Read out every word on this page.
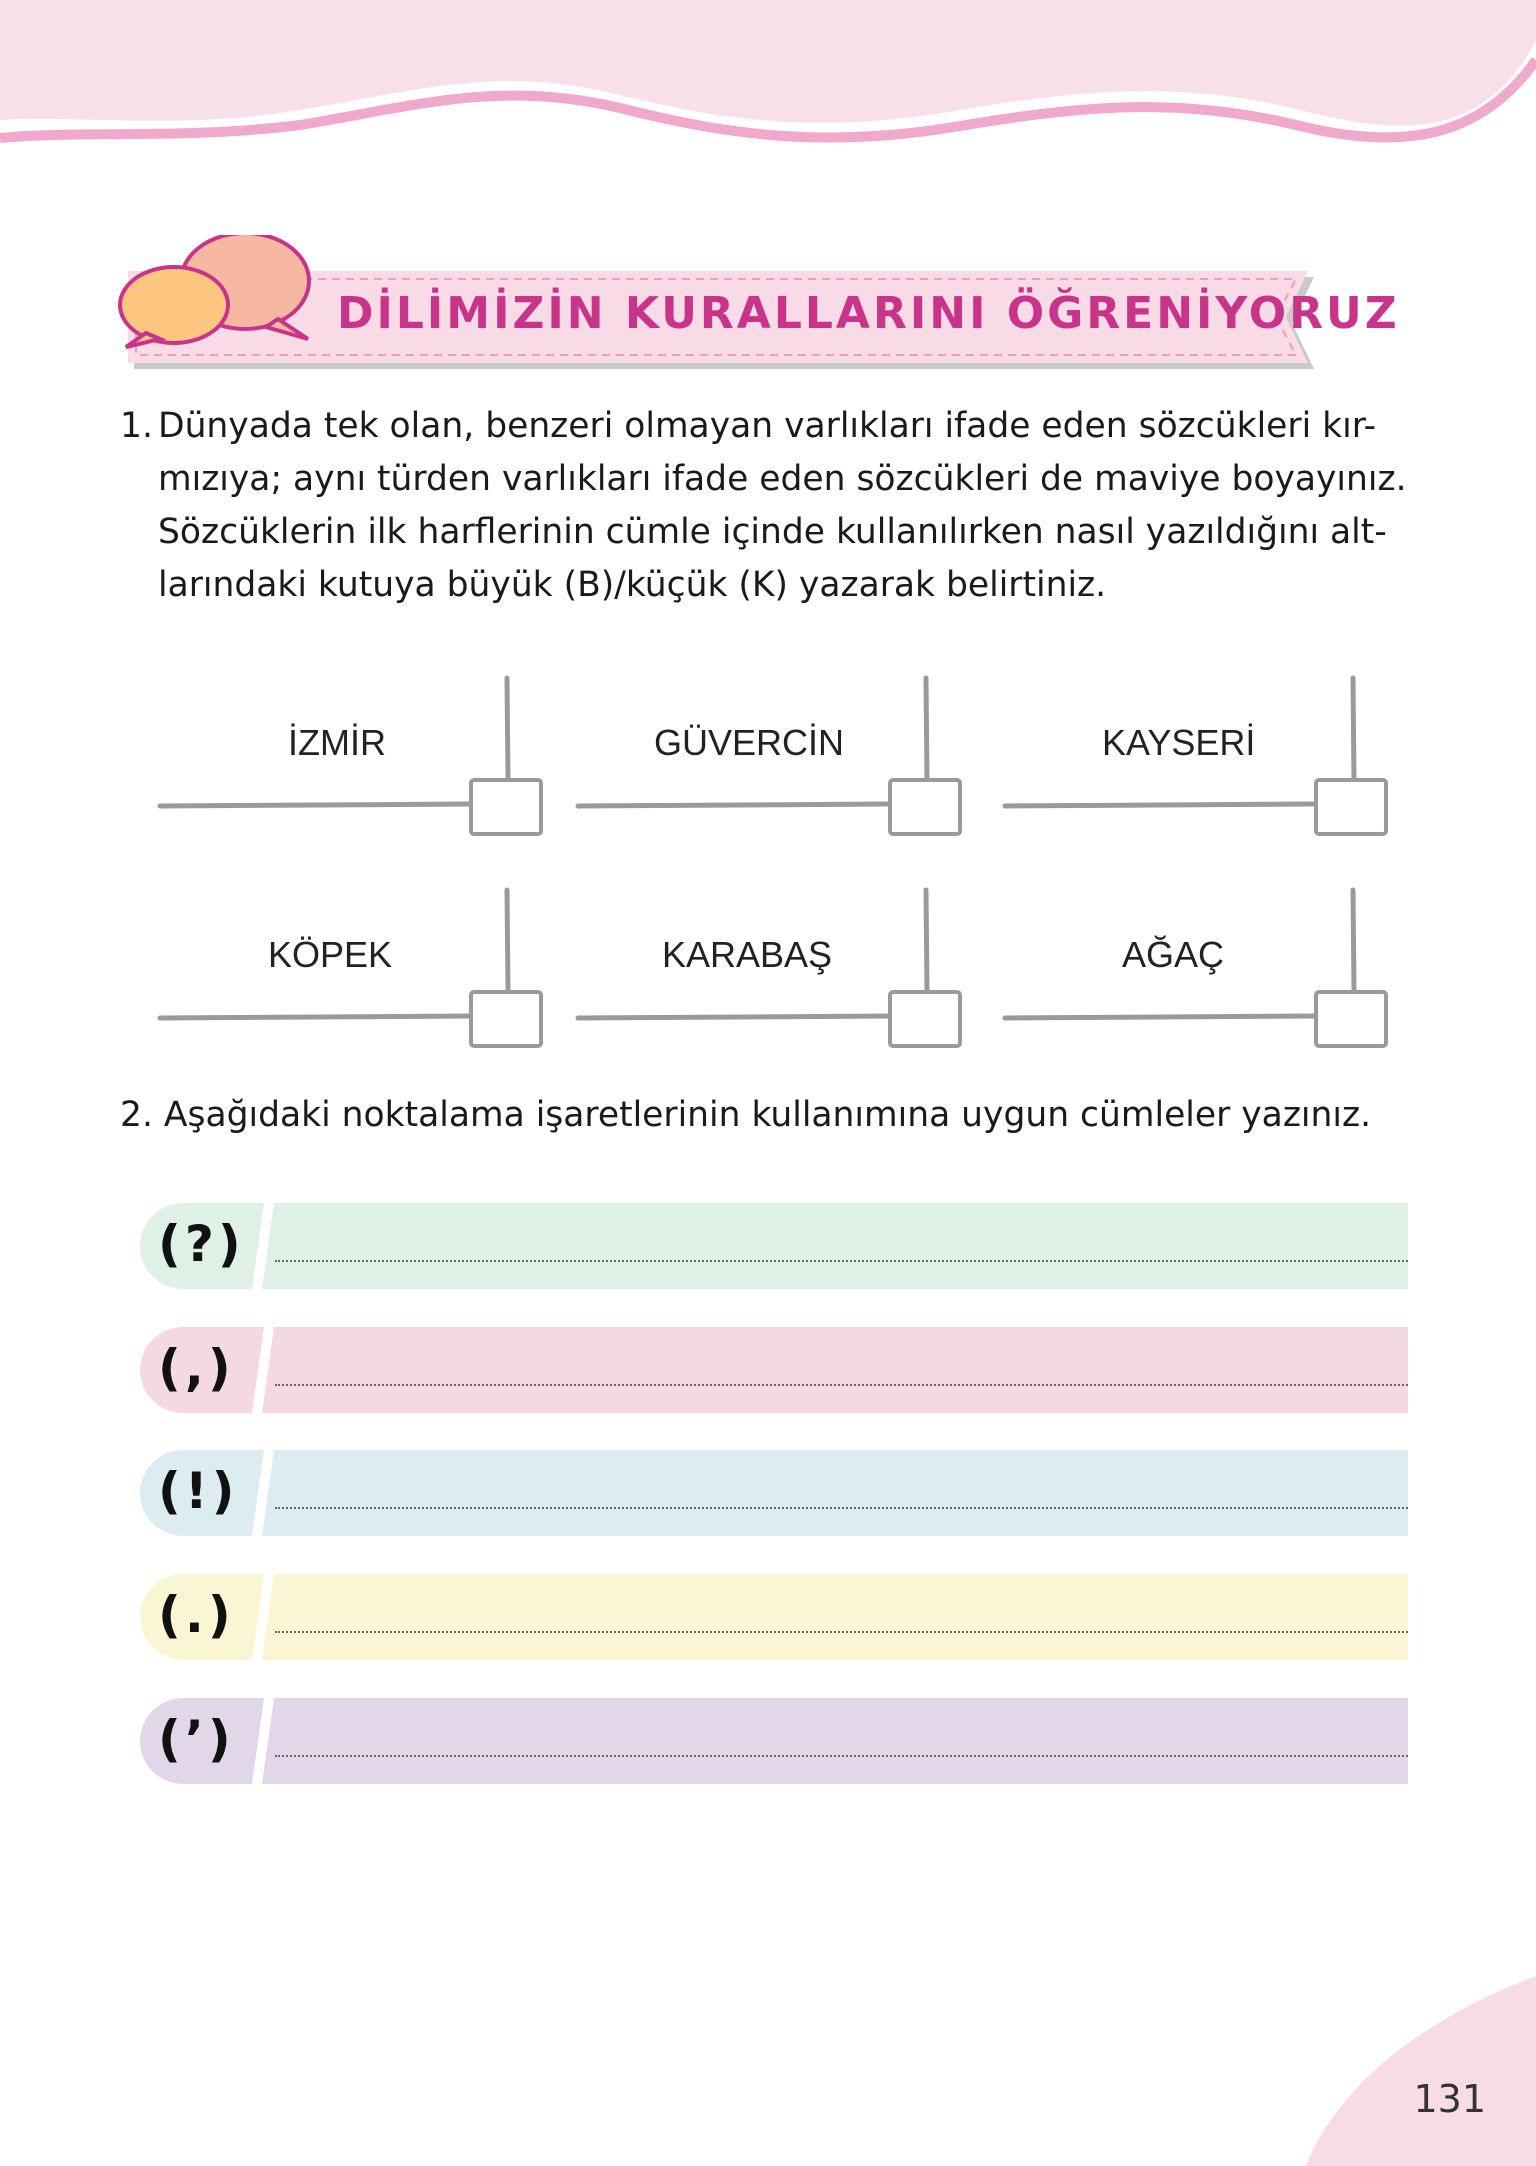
DİLİMİZİN KURALLARINI ÖĞRENİYORUZ
1. Dünyada tek olan, benzeri olmayan varlıkları ifade eden sözcükleri kır-
mızıya; aynı türden varlıkları ifade eden sözcükleri de maviye boyayınız.
Sözcüklerin ilk harflerinin cümle içinde kullanılırken nasıl yazıldığını alt-
larındaki kutuya büyük (B)/küçük (K) yazarak belirtiniz.
İZMİR	GÜVERCİN	KAYSERİ
KÖPEK	KARABAŞ	AĞAÇ
2. Aşağıdaki noktalama işaretlerinin kullanımına uygun cümleler yazınız.
(?)
(,)
(!)
(.)
(’)
131
